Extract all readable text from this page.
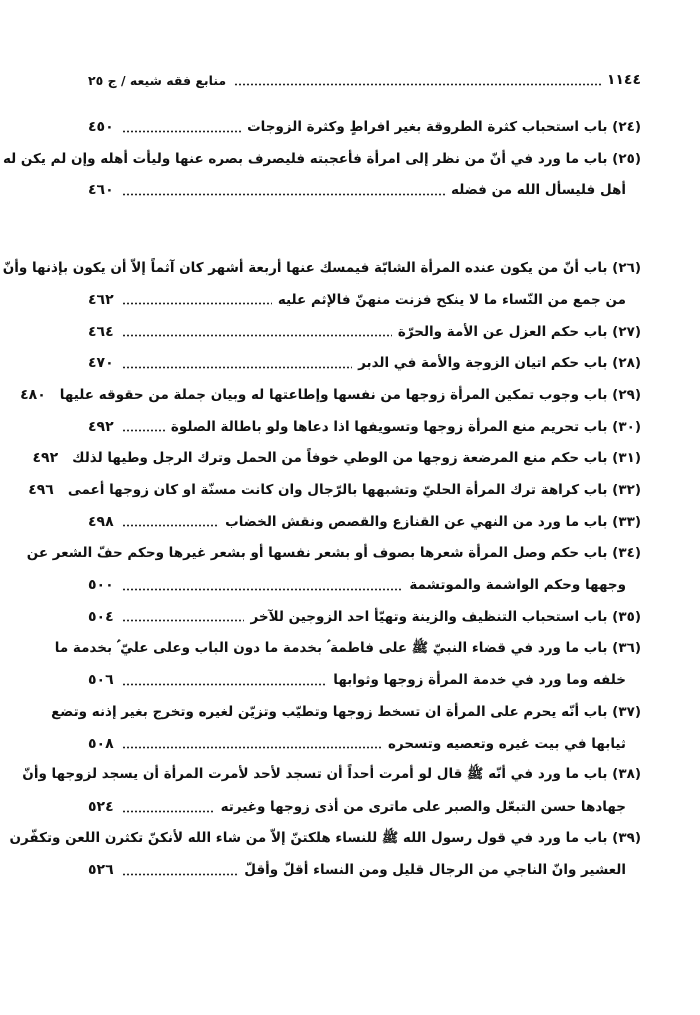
١١٤٤
منابع فقه شيعه / ج ٢٥
(٢٤) باب استحباب كثرة الطروقة بغير افراطٍ وكثرة الزوجات
٤٥٠
(٢٥) باب ما ورد في أنّ من نظر إلى امرأة فأعجبته فليصرف بصره عنها وليأت أهله وإن لم يكن له
أهل فليسأل الله من فضله
٤٦٠
(٢٦) باب أنّ من يكون عنده المرأة الشابّة فيمسك عنها أربعة أشهر كان آثماً إلاّ أن يكون بإذنها وأنّ
من جمع من النّساء ما لا ينكح فزنت منهنّ فالإثم عليه
٤٦٢
(٢٧) باب حكم العزل عن الأمة والحرّة
٤٦٤
(٢٨) باب حكم اتيان الزوجة والأمة في الدبر
٤٧٠
(٢٩) باب وجوب تمكين المرأة زوجها من نفسها وإطاعتها له وبيان جملة من حقوقه عليها
٤٨٠
(٣٠) باب تحريم منع المرأة زوجها وتسويفها اذا دعاها ولو باطالة الصلوة
٤٩٢
(٣١) باب حكم منع المرضعة زوجها من الوطي خوفاً من الحمل وترك الرجل وطيها لذلك
٤٩٢
(٣٢) باب كراهة ترك المرأة الحليّ وتشبهها بالرّجال وان كانت مسنّة او كان زوجها أعمى
٤٩٦
(٣٣) باب ما ورد من النهي عن القنازع والقصص ونقش الخضاب
٤٩٨
(٣٤) باب حكم وصل المرأة شعرها بصوف أو بشعر نفسها أو بشعر غيرها وحكم حفّ الشعر عن
وجهها وحكم الواشمة والموتشمة
٥٠٠
(٣٥) باب استحباب التنظيف والزينة وتهيّأ احد الزوجين للآخر
٥٠٤
(٣٦) باب ما ورد في قضاء النبيّ ﷺ على فاطمة ؑ بخدمة ما دون الباب وعلى عليّ ؑ بخدمة ما
خلفه وما ورد في خدمة المرأة زوجها وثوابها
٥٠٦
(٣٧) باب أنّه يحرم على المرأة ان تسخط زوجها وتطيّب وتزيّن لغيره وتخرج بغير إذنه وتضع
ثيابها في بيت غيره وتعصيه وتسحره
٥٠٨
(٣٨) باب ما ورد في أنّه ﷺ قال لو أمرت أحداً أن تسجد لأحد لأمرت المرأة أن يسجد لزوجها وأنّ
جهادها حسن التبعّل والصبر على ماترى من أذى زوجها وغيرته
٥٢٤
(٣٩) باب ما ورد في قول رسول الله ﷺ للنساء هلكتنّ إلاّ من شاء الله لأنكنّ تكثرن اللعن وتكفّرن
العشير وانّ الناجي من الرجال قليل ومن النساء أقلّ وأقلّ
٥٢٦
